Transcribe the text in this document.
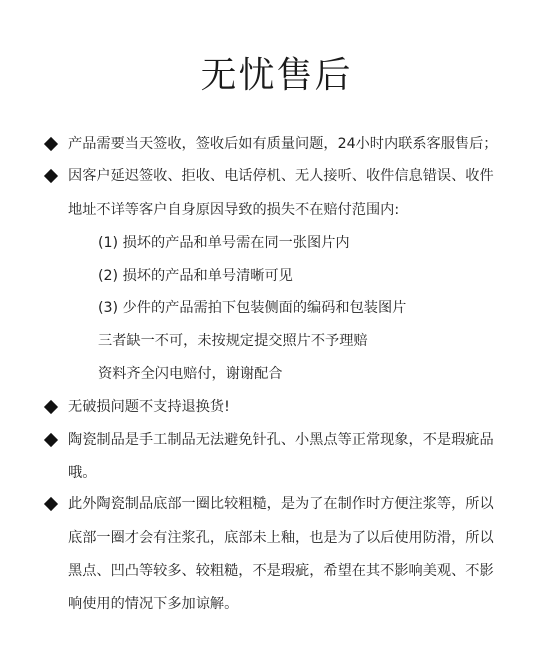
无忧售后
产品需要当天签收，签收后如有质量问题，24小时内联系客服售后；
因客户延迟签收、拒收、电话停机、无人接听、收件信息错误、收件
地址不详等客户自身原因导致的损失不在赔付范围内:
(1) 损坏的产品和单号需在同一张图片内
(2) 损坏的产品和单号清晰可见
(3) 少件的产品需拍下包装侧面的编码和包装图片
三者缺一不可，未按规定提交照片不予理赔
资料齐全闪电赔付，谢谢配合
无破损问题不支持退换货!
陶瓷制品是手工制品无法避免针孔、小黑点等正常现象，不是瑕疵品
哦。
此外陶瓷制品底部一圈比较粗糙，是为了在制作时方便注浆等，所以
底部一圈才会有注浆孔，底部未上釉，也是为了以后使用防滑，所以
黑点、凹凸等较多、较粗糙，不是瑕疵，希望在其不影响美观、不影
响使用的情况下多加谅解。
